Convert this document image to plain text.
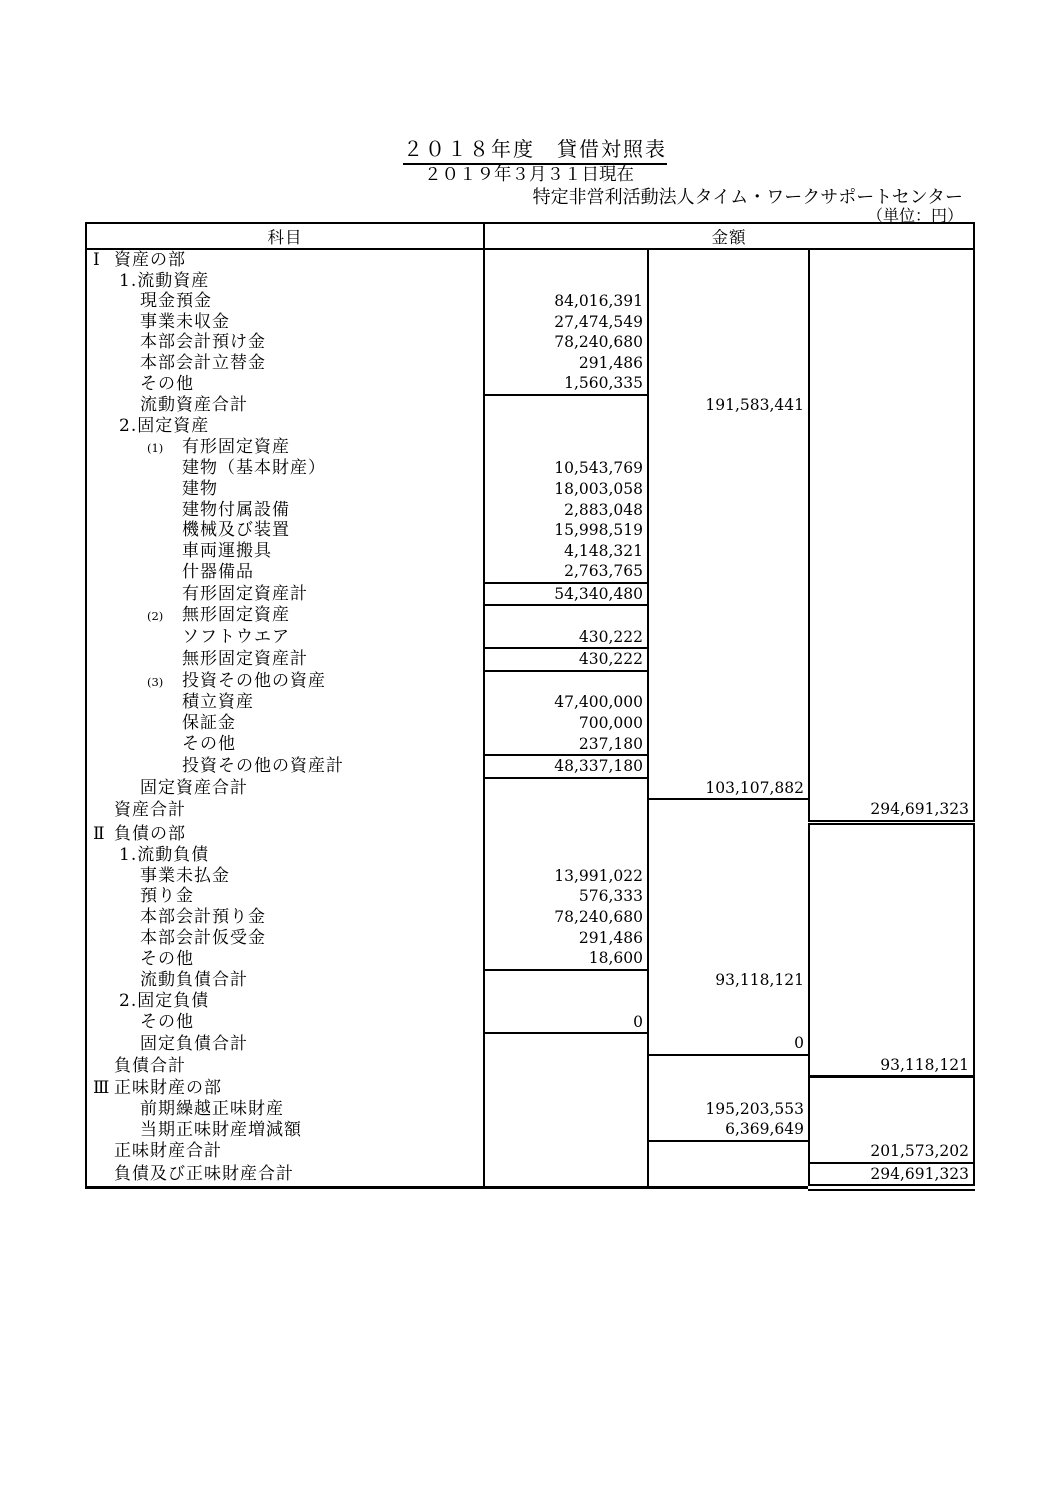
２０１８年度　貸借対照表
２０１９年３月３１日現在
特定非営利活動法人タイム・ワークサポートセンター
（単位：円）
科目	金額		
Ⅰ 資産の部			
1.流動資産			
現金預金	84,016,391		
事業未収金	27,474,549		
本部会計預け金	78,240,680		
本部会計立替金	291,486		
その他	1,560,335		
流動資産合計		191,583,441	
2.固定資産			
(1) 有形固定資産			
建物（基本財産）	10,543,769		
建物	18,003,058		
建物付属設備	2,883,048		
機械及び装置	15,998,519		
車両運搬具	4,148,321		
什器備品	2,763,765		
有形固定資産計	54,340,480		
(2) 無形固定資産			
ソフトウエア	430,222		
無形固定資産計	430,222		
(3) 投資その他の資産			
積立資産	47,400,000		
保証金	700,000		
その他	237,180		
投資その他の資産計	48,337,180		
固定資産合計		103,107,882	
資産合計			294,691,323
Ⅱ 負債の部			
1.流動負債			
事業未払金	13,991,022		
預り金	576,333		
本部会計預り金	78,240,680		
本部会計仮受金	291,486		
その他	18,600		
流動負債合計		93,118,121	
2.固定負債			
その他	0		
固定負債合計		0	
負債合計			93,118,121
Ⅲ 正味財産の部			
前期繰越正味財産		195,203,553	
当期正味財産増減額		6,369,649	
正味財産合計			201,573,202
負債及び正味財産合計			294,691,323
